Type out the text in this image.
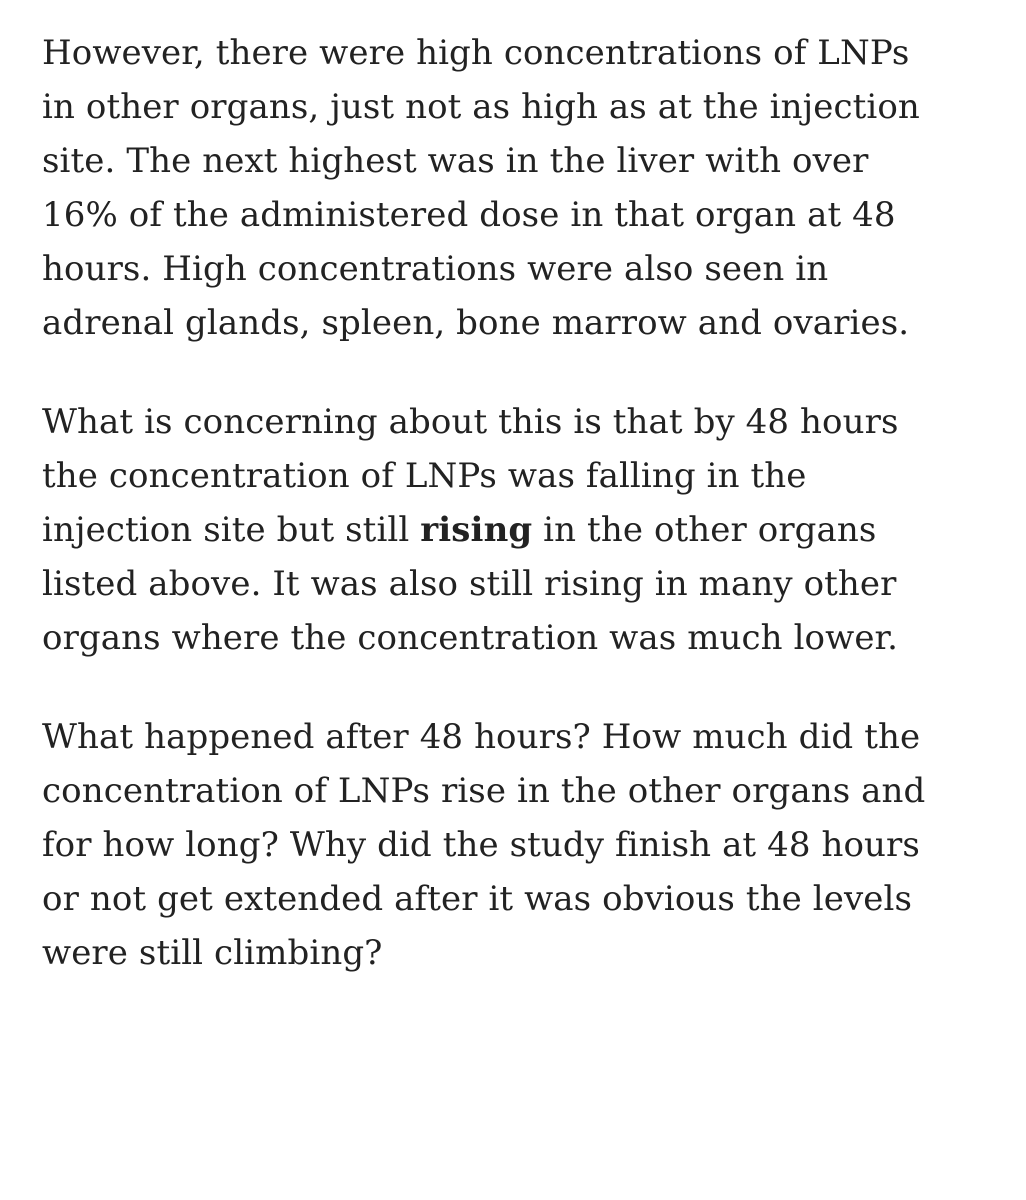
However, there were high concentrations of LNPs
in other organs, just not as high as at the injection
site. The next highest was in the liver with over
16% of the administered dose in that organ at 48
hours. High concentrations were also seen in
adrenal glands, spleen, bone marrow and ovaries.

What is concerning about this is that by 48 hours
the concentration of LNPs was falling in the
injection site but still rising in the other organs
listed above. It was also still rising in many other
organs where the concentration was much lower.

What happened after 48 hours? How much did the
concentration of LNPs rise in the other organs and
for how long? Why did the study finish at 48 hours
or not get extended after it was obvious the levels
were still climbing?
